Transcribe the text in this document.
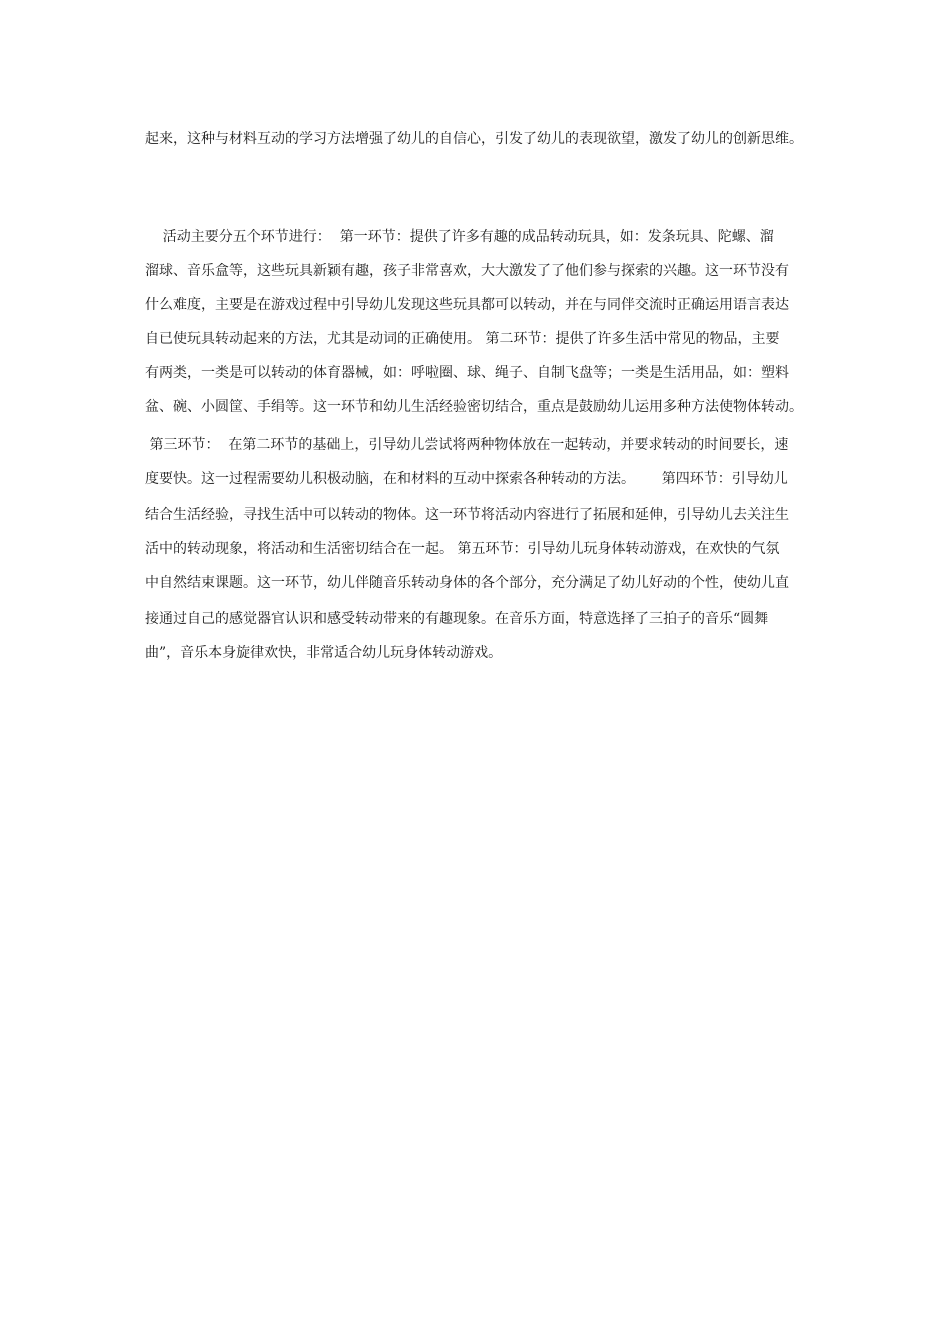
起来，这种与材料互动的学习方法增强了幼儿的自信心，引发了幼儿的表现欲望，激发了幼儿的创新思维。
活动主要分五个环节进行：  第一环节：提供了许多有趣的成品转动玩具，如：发条玩具、陀螺、溜
溜球、音乐盒等，这些玩具新颖有趣，孩子非常喜欢，大大激发了了他们参与探索的兴趣。这一环节没有
什么难度，主要是在游戏过程中引导幼儿发现这些玩具都可以转动，并在与同伴交流时正确运用语言表达
自已使玩具转动起来的方法，尤其是动词的正确使用。 第二环节：提供了许多生活中常见的物品，主要
有两类，一类是可以转动的体育器械，如：呼啦圈、球、绳子、自制飞盘等；一类是生活用品，如：塑料
盆、碗、小圆筐、手绢等。这一环节和幼儿生活经验密切结合，重点是鼓励幼儿运用多种方法使物体转动。
第三环节：  在第二环节的基础上，引导幼儿尝试将两种物体放在一起转动，并要求转动的时间要长，速
度要快。这一过程需要幼儿积极动脑，在和材料的互动中探索各种转动的方法。      第四环节：引导幼儿
结合生活经验，寻找生活中可以转动的物体。这一环节将活动内容进行了拓展和延伸，引导幼儿去关注生
活中的转动现象，将活动和生活密切结合在一起。 第五环节：引导幼儿玩身体转动游戏，在欢快的气氛
中自然结束课题。这一环节，幼儿伴随音乐转动身体的各个部分，充分满足了幼儿好动的个性，使幼儿直
接通过自己的感觉器官认识和感受转动带来的有趣现象。在音乐方面，特意选择了三拍子的音乐“圆舞
曲”，音乐本身旋律欢快，非常适合幼儿玩身体转动游戏。
